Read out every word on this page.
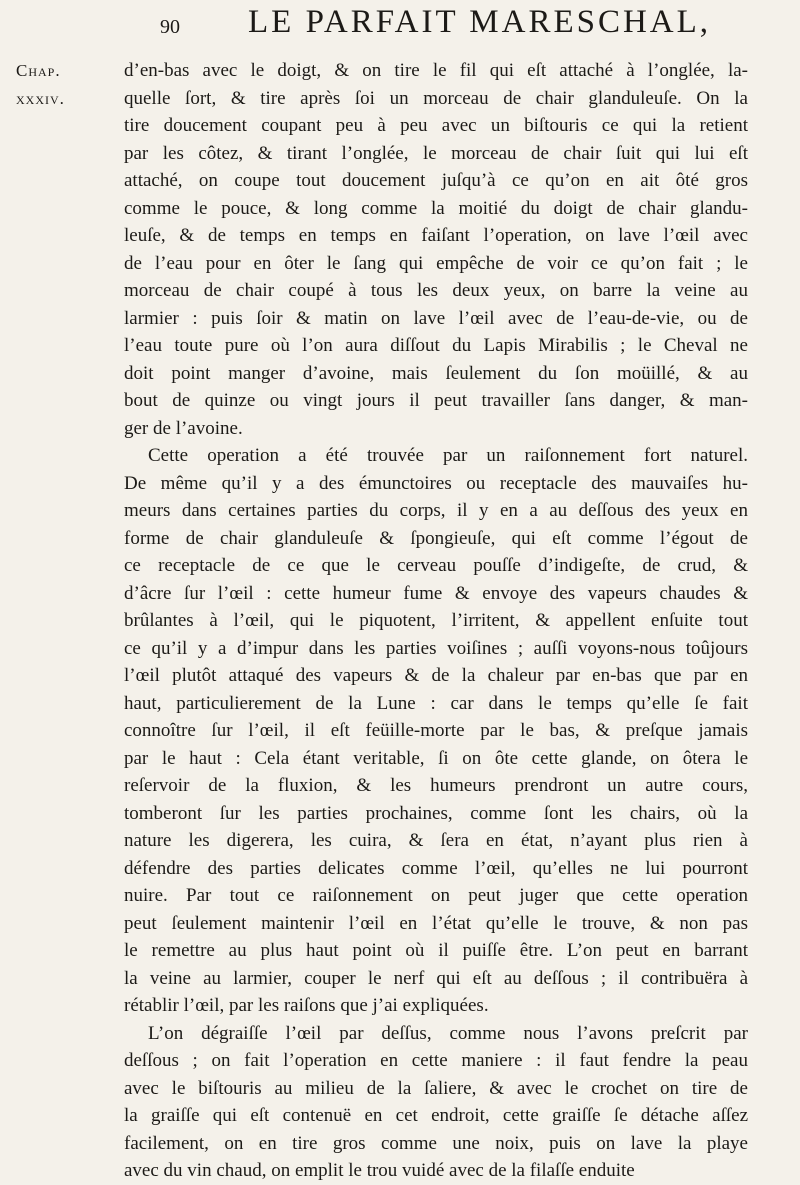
90 LE PARFAIT MARESCHAL,
Chap.
xxxiv.
d’en-bas avec le doigt, & on tire le fil qui eſt attaché à l’onglée, la-
quelle ſort, & tire après ſoi un morceau de chair glanduleuſe. On la
tire doucement coupant peu à peu avec un biſtouris ce qui la retient
par les côtez, & tirant l’onglée, le morceau de chair ſuit qui lui eſt
attaché, on coupe tout doucement juſqu’à ce qu’on en ait ôté gros
comme le pouce, & long comme la moitié du doigt de chair glandu-
leuſe, & de temps en temps en faiſant l’operation, on lave l’œil avec
de l’eau pour en ôter le ſang qui empêche de voir ce qu’on fait ; le
morceau de chair coupé à tous les deux yeux, on barre la veine au
larmier : puis ſoir & matin on lave l’œil avec de l’eau-de-vie, ou de
l’eau toute pure où l’on aura diſſout du Lapis Mirabilis ; le Cheval ne
doit point manger d’avoine, mais ſeulement du ſon moüillé, & au
bout de quinze ou vingt jours il peut travailler ſans danger, & man-
ger de l’avoine.
Cette operation a été trouvée par un raiſonnement fort naturel.
De même qu’il y a des émunctoires ou receptacle des mauvaiſes hu-
meurs dans certaines parties du corps, il y en a au deſſous des yeux en
forme de chair glanduleuſe & ſpongieuſe, qui eſt comme l’égout de
ce receptacle de ce que le cerveau pouſſe d’indigeſte, de crud, &
d’âcre ſur l’œil : cette humeur fume & envoye des vapeurs chaudes &
brûlantes à l’œil, qui le piquotent, l’irritent, & appellent enſuite tout
ce qu’il y a d’impur dans les parties voiſines ; auſſi voyons-nous toûjours
l’œil plutôt attaqué des vapeurs & de la chaleur par en-bas que par en
haut, particulierement de la Lune : car dans le temps qu’elle ſe fait
connoître ſur l’œil, il eſt feüille-morte par le bas, & preſque jamais
par le haut : Cela étant veritable, ſi on ôte cette glande, on ôtera le
reſervoir de la fluxion, & les humeurs prendront un autre cours,
tomberont ſur les parties prochaines, comme ſont les chairs, où la
nature les digerera, les cuira, & ſera en état, n’ayant plus rien à
défendre des parties delicates comme l’œil, qu’elles ne lui pourront
nuire. Par tout ce raiſonnement on peut juger que cette operation
peut ſeulement maintenir l’œil en l’état qu’elle le trouve, & non pas
le remettre au plus haut point où il puiſſe être. L’on peut en barrant
la veine au larmier, couper le nerf qui eſt au deſſous ; il contribuëra à
rétablir l’œil, par les raiſons que j’ai expliquées.
L’on dégraiſſe l’œil par deſſus, comme nous l’avons preſcrit par
deſſous ; on fait l’operation en cette maniere : il faut fendre la peau
avec le biſtouris au milieu de la ſaliere, & avec le crochet on tire de
la graiſſe qui eſt contenuë en cet endroit, cette graiſſe ſe détache aſſez
facilement, on en tire gros comme une noix, puis on lave la playe
avec du vin chaud, on emplit le trou vuidé avec de la filaſſe enduite
